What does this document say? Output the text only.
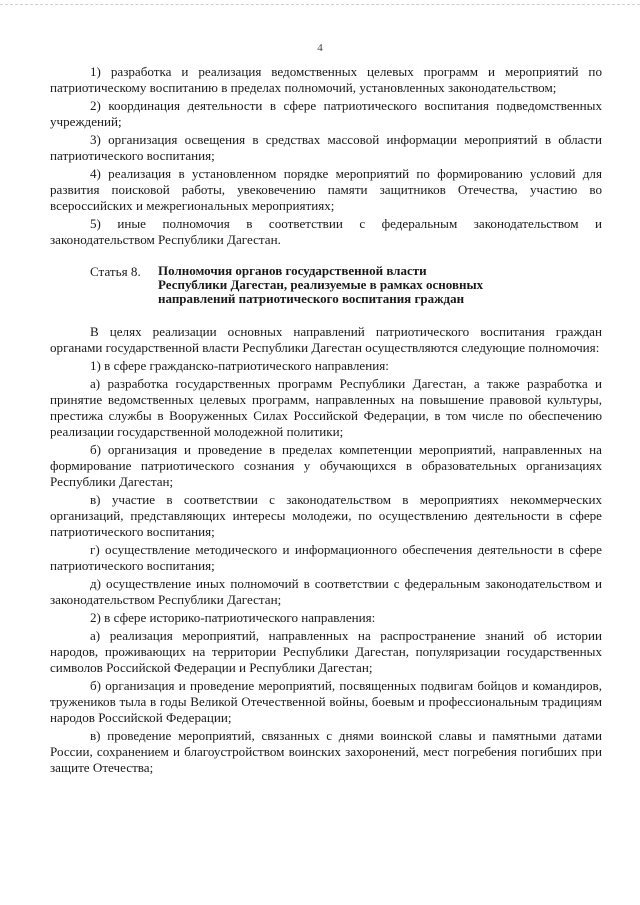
4

1) разработка и реализация ведомственных целевых программ и мероприятий по патриотическому воспитанию в пределах полномочий, установленных законодательством;

2) координация деятельности в сфере патриотического воспитания подведомственных учреждений;

3) организация освещения в средствах массовой информации мероприятий в области патриотического воспитания;

4) реализация в установленном порядке мероприятий по формированию условий для развития поисковой работы, увековечению памяти защитников Отечества, участию во всероссийских и межрегиональных мероприятиях;

5) иные полномочия в соответствии с федеральным законодательством и законодательством Республики Дагестан.

Статья 8.	Полномочия органов государственной власти Республики Дагестан, реализуемые в рамках основных направлений патриотического воспитания граждан

В целях реализации основных направлений патриотического воспитания граждан органами государственной власти Республики Дагестан осуществляются следующие полномочия:

1) в сфере гражданско-патриотического направления:

а) разработка государственных программ Республики Дагестан, а также разработка и принятие ведомственных целевых программ, направленных на повышение правовой культуры, престижа службы в Вооруженных Силах Российской Федерации, в том числе по обеспечению реализации государственной молодежной политики;

б) организация и проведение в пределах компетенции мероприятий, направленных на формирование патриотического сознания у обучающихся в образовательных организациях Республики Дагестан;

в) участие в соответствии с законодательством в мероприятиях некоммерческих организаций, представляющих интересы молодежи, по осуществлению деятельности в сфере патриотического воспитания;

г) осуществление методического и информационного обеспечения деятельности в сфере патриотического воспитания;

д) осуществление иных полномочий в соответствии с федеральным законодательством и законодательством Республики Дагестан;

2) в сфере историко-патриотического направления:

а) реализация мероприятий, направленных на распространение знаний об истории народов, проживающих на территории Республики Дагестан, популяризации государственных символов Российской Федерации и Республики Дагестан;

б) организация и проведение мероприятий, посвященных подвигам бойцов и командиров, тружеников тыла в годы Великой Отечественной войны, боевым и профессиональным традициям народов Российской Федерации;

в) проведение мероприятий, связанных с днями воинской славы и памятными датами России, сохранением и благоустройством воинских захоронений, мест погребения погибших при защите Отечества;
